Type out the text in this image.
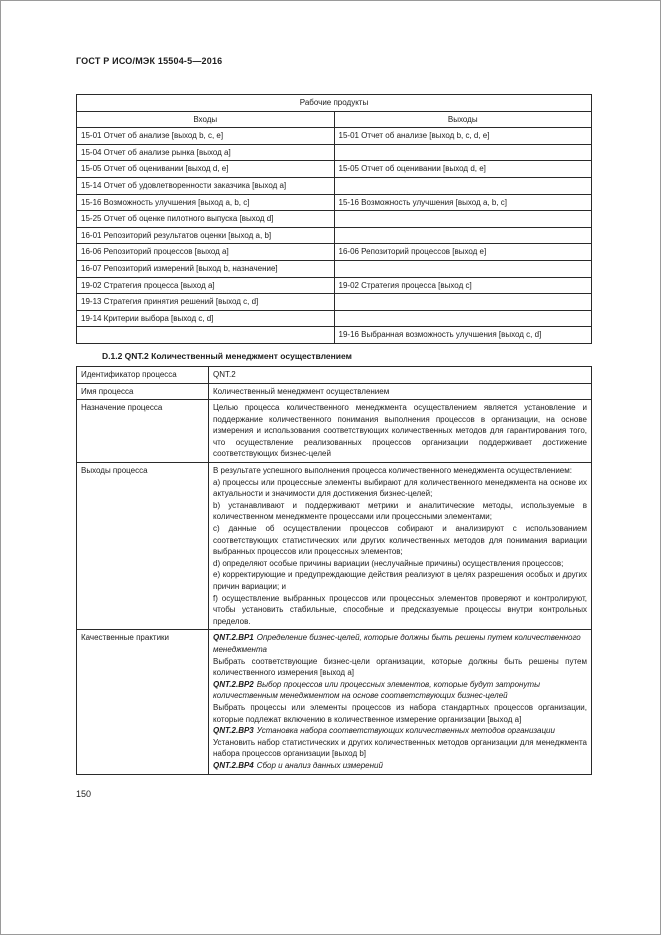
ГОСТ Р ИСО/МЭК 15504-5—2016
Рабочие продукты	
Входы	Выходы
15-01 Отчет об анализе [выход b, c, e]	15-01 Отчет об анализе [выход b, c, d, e]
15-04 Отчет об анализе рынка [выход a]	
15-05 Отчет об оценивании [выход d, e]	15-05 Отчет об оценивании [выход d, e]
15-14 Отчет об удовлетворенности заказчика [выход a]	
15-16 Возможность улучшения [выход a, b, c]	15-16 Возможность улучшения [выход a, b, c]
15-25 Отчет об оценке пилотного выпуска [выход d]	
16-01 Репозиторий результатов оценки [выход a, b]	
16-06 Репозиторий процессов [выход a]	16-06 Репозиторий процессов [выход e]
16-07 Репозиторий измерений [выход b, назначение]	
19-02 Стратегия процесса [выход a]	19-02 Стратегия процесса [выход c]
19-13 Стратегия принятия решений [выход c, d]	
19-14 Критерии выбора [выход c, d]	
	19-16 Выбранная возможность улучшения [выход c, d]
D.1.2 QNT.2 Количественный менеджмент осуществлением
Идентификатор процесса	QNT.2
Имя процесса	Количественный менеджмент осуществлением
Назначение процесса	Целью процесса количественного менеджмента осуществлением является установление и поддержание количественного понимания выполнения процессов в организации, на основе измерения и использования соответствующих количественных методов для гарантирования того, что осуществление реализованных процессов организации поддерживает достижение соответствующих бизнес-целей

Выходы процесса	В результате успешного выполнения процесса количественного менеджмента осуществлением:
a) процессы или процессные элементы выбирают для количественного менеджмента на основе их актуальности и значимости для достижения бизнес-целей;
b) устанавливают и поддерживают метрики и аналитические методы, используемые в количественном менеджменте процессами или процессными элементами;
c) данные об осуществлении процессов собирают и анализируют с использованием соответствующих статистических или других количественных методов для понимания вариации выбранных процессов или процессных элементов;
d) определяют особые причины вариации (неслучайные причины) осуществления процессов;
e) корректирующие и предупреждающие действия реализуют в целях разрешения особых и других причин вариации; и
f) осуществление выбранных процессов или процессных элементов проверяют и контролируют, чтобы установить стабильные, способные и предсказуемые процессы внутри контрольных пределов.

Качественные практики	QNT.2.BP1 Определение бизнес-целей, которые должны быть решены путем количественного менеджмента
Выбрать соответствующие бизнес-цели организации, которые должны быть решены путем количественного измерения [выход a]
QNT.2.BP2 Выбор процессов или процессных элементов, которые будут затронуты количественным менеджментом на основе соответствующих бизнес-целей
Выбрать процессы или элементы процессов из набора стандартных процессов организации, которые подлежат включению в количественное измерение организации [выход a]
QNT.2.BP3 Установка набора соответствующих количественных методов организации
Установить набор статистических и других количественных методов организации для менеджмента набора процессов организации [выход b]
QNT.2.BP4 Сбор и анализ данных измерений
150
